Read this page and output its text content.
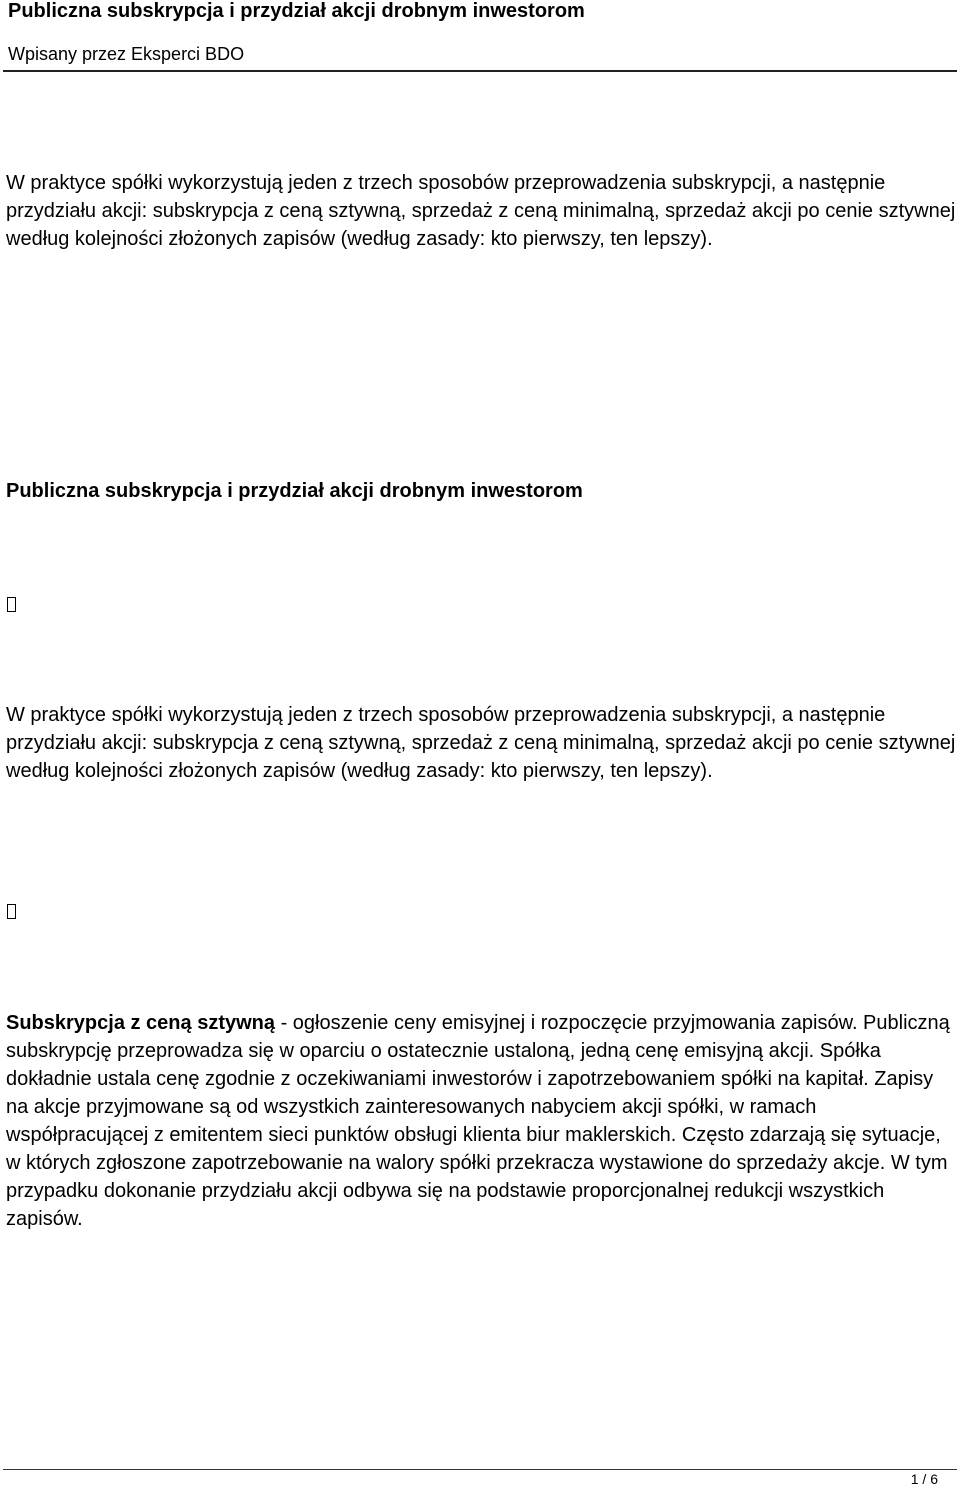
Publiczna subskrypcja i przydział akcji drobnym inwestorom
Wpisany przez Eksperci BDO

W praktyce spółki wykorzystują jeden z trzech sposobów przeprowadzenia subskrypcji, a następnie przydziału akcji: subskrypcja z ceną sztywną, sprzedaż z ceną minimalną, sprzedaż akcji po cenie sztywnej według kolejności złożonych zapisów (według zasady: kto pierwszy, ten lepszy).

Publiczna subskrypcja i przydział akcji drobnym inwestorom

W praktyce spółki wykorzystują jeden z trzech sposobów przeprowadzenia subskrypcji, a następnie przydziału akcji: subskrypcja z ceną sztywną, sprzedaż z ceną minimalną, sprzedaż akcji po cenie sztywnej według kolejności złożonych zapisów (według zasady: kto pierwszy, ten lepszy).

Subskrypcja z ceną sztywną - ogłoszenie ceny emisyjnej i rozpoczęcie przyjmowania zapisów. Publiczną subskrypcję przeprowadza się w oparciu o ostatecznie ustaloną, jedną cenę emisyjną akcji. Spółka dokładnie ustala cenę zgodnie z oczekiwaniami inwestorów i zapotrzebowaniem spółki na kapitał. Zapisy na akcje przyjmowane są od wszystkich zainteresowanych nabyciem akcji spółki, w ramach współpracującej z emitentem sieci punktów obsługi klienta biur maklerskich. Często zdarzają się sytuacje, w których zgłoszone zapotrzebowanie na walory spółki przekracza wystawione do sprzedaży akcje. W tym przypadku dokonanie przydziału akcji odbywa się na podstawie proporcjonalnej redukcji wszystkich zapisów.

1 / 6
